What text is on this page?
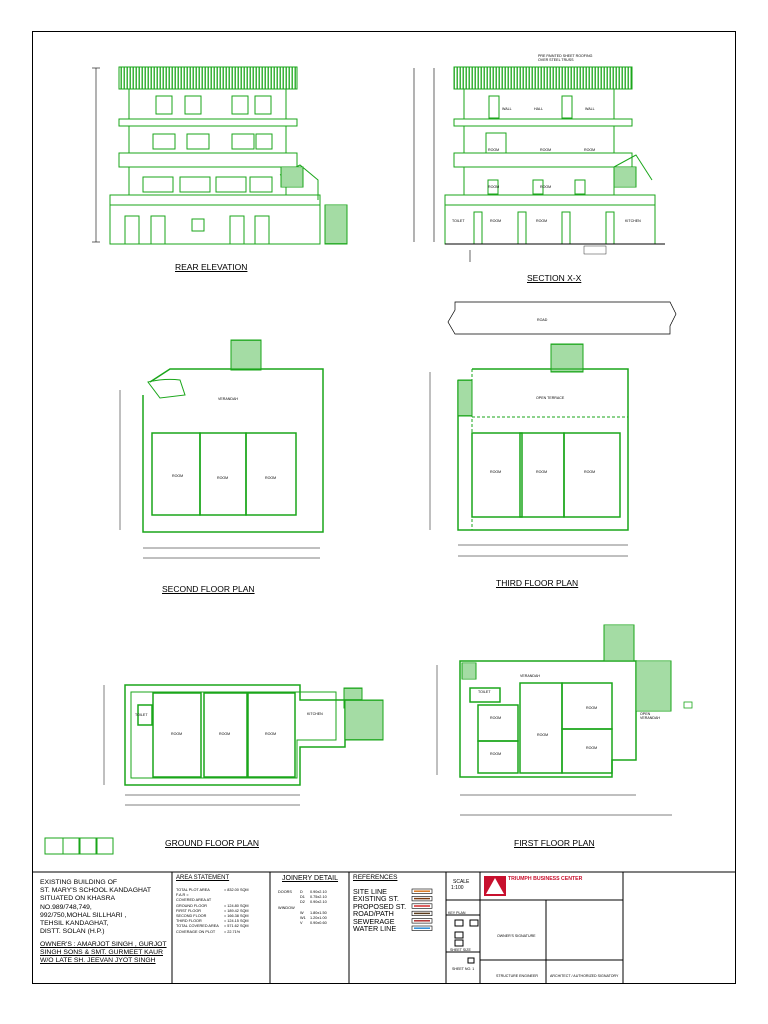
REAR ELEVATION
SECTION X-X
SECOND FLOOR PLAN
THIRD FLOOR PLAN
GROUND FLOOR PLAN	FIRST FLOOR PLAN
PRE PAINTED SHEET ROOFING OVER STEEL TRUSS
WALL	HALL	WALL
ROOM	ROOM	ROOM
ROOM	ROOM
TOILET	ROOM	ROOM	KITCHEN
ROAD
VERANDAH
ROOM	ROOM	ROOM
OPEN TERRACE
ROOM	ROOM	ROOM
TOILET
ROOM	ROOM	ROOM
KITCHEN
VERANDAH
TOILET
ROOM
ROOM
ROOM
ROOM
ROOM
OPEN VERANDAH
EXISTING BUILDING OF
ST. MARY'S SCHOOL KANDAGHAT
SITUATED ON KHASRA
NO.989/748,749,
992/750,MOHAL SILLHARI ,
TEHSIL KANDAGHAT,
DISTT. SOLAN (H.P.)
OWNER'S : AMARJOT SINGH , GURJOT
SINGH SONS & SMT. GURMEET KAUR
W/O LATE SH. JEEVAN JYOT SINGH
AREA STATEMENT
TOTAL PLOT AREA	= 832.00 SQM
F.A.R =
COVERED AREA AT
GROUND FLOOR	= 124.80 SQM
FIRST FLOOR	= 189.42 SQM
SECOND FLOOR	= 166.38 SQM
THIRD FLOOR	= 124.15 SQM
TOTAL COVERED AREA	= 571.62 SQM
COVERAGE ON PLOT	= 22.71%
JOINERY DETAIL
DOORS	D	0.90x2.10
D1	0.75x2.10
D2	0.90x2.10
WINDOW
W	1.80x1.50
W1	1.20x1.00
V	0.90x0.60
REFERENCES
SITE LINE
EXISTING ST.
PROPOSED ST.
ROAD/PATH
SEWERAGE
WATER LINE
SCALE
1:100
TRIUMPH BUSINESS CENTER
KEY PLAN
SHEET SIZE
SHEET NO. 1
OWNER'S SIGNATURE
STRUCTURE ENGINEER	ARCHITECT / AUTHORIZED SIGNATORY
